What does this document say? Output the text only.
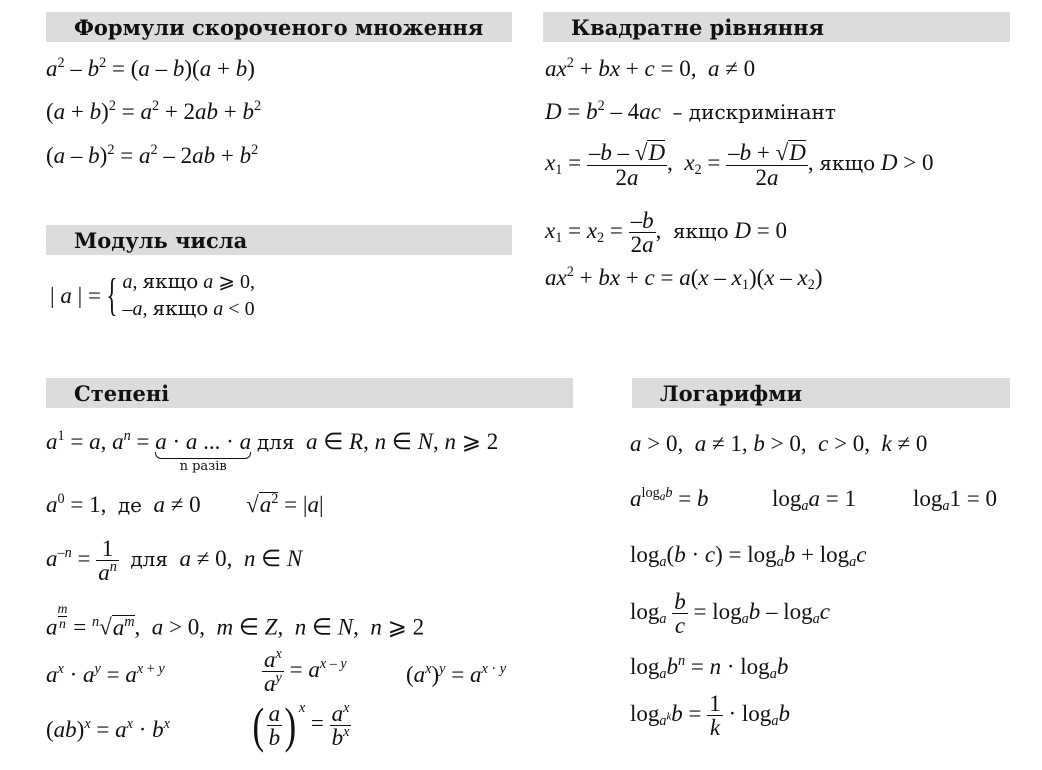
Формули скороченого множення	Квадратне рівняння
Модуль числа
Степені	Логарифми
$a^2 - b^2 = (a - b)(a + b)$
$(a + b)^2 = a^2 + 2ab + b^2$
$(a - b)^2 = a^2 - 2ab + b^2$
| a | = { a, якщо a ⩾ 0,
–a, якщо a < 0
$ax^2$ + bx + c = 0,  a ≠ 0
$D = b^2 - 4ac$ – дискримінант
$x_1 = \frac{-b - √D}{2a}$ ,  $x_2 = \frac{-b + √D}{2a}$ , якщо D > 0
$x_1 = x_2 = \frac{-b}{2a}$ ,  якщо D = 0
$ax^2$ + bx + $c = a(x - x_1)(x - x_2)$
$a^1 = a$, $a^n = a \cdot a$ ... · a
n разів
для a ∈ R, n ∈ N, n ⩾ 2
$a^0 = 1$,  де a ≠ 0  $√a^2 = |a|$
$a^{-n} = \frac{1}{a^n}$ для a ≠ 0,  n ∈ N
a $\frac{m}{n} = ^n√a^m$,  a > 0,  m ∈ Z,  n ∈ N,  n ⩾ 2
$a^x \cdot a^y = a^{x + y}$	$\frac{a^x}{a^y} = a^{x - y}$	$(a^x)^y = a^{x \cdot y}$
$(ab)^x = a^x \cdot b^x$ ( $\frac{a}{b}$ ) $^x = \frac{a^x}{b^x}$
a > 0,  a ≠ 1, b > 0,  c > 0,  k ≠ 0
$a^{log_ab} = b$	$\log_aa = 1$ $\log_a1 = 0$
$\log_a(b \cdot c) = \log_ab + \log_ac$
$\log_a \frac{b}{c} = \log_ab - \log_ac$
$\log_ab^n = n \cdot \log_ab$
$\log_{a^k}b = \frac{1}{k} \cdot \log_ab$
